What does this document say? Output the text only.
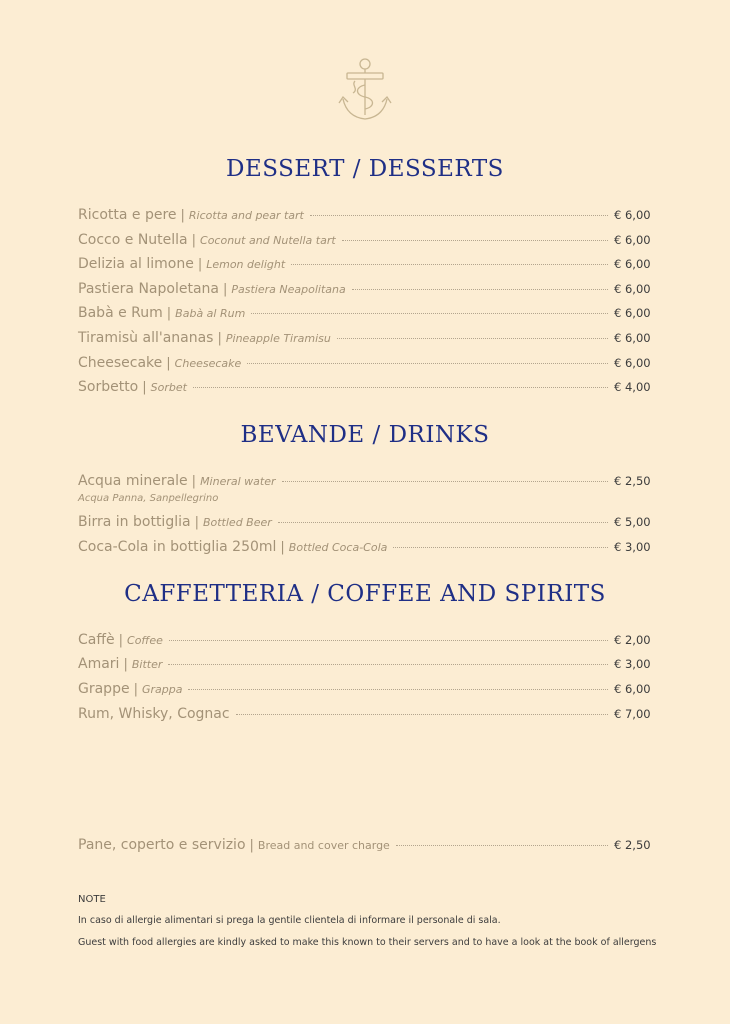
DESSERT / DESSERTS
Ricotta e pere | Ricotta and pear tart	€ 6,00
Cocco e Nutella | Coconut and Nutella tart	€ 6,00
Delizia al limone | Lemon delight	€ 6,00
Pastiera Napoletana | Pastiera Neapolitana	€ 6,00
Babà e Rum | Babà al Rum	€ 6,00
Tiramisù all'ananas | Pineapple Tiramisu	€ 6,00
Cheesecake | Cheesecake	€ 6,00
Sorbetto | Sorbet	€ 4,00
BEVANDE / DRINKS
Acqua minerale | Mineral water	€ 2,50
Acqua Panna, Sanpellegrino
Birra in bottiglia | Bottled Beer	€ 5,00
Coca-Cola in bottiglia 250ml | Bottled Coca-Cola	€ 3,00
CAFFETTERIA / COFFEE AND SPIRITS
Caffè | Coffee	€ 2,00
Amari | Bitter	€ 3,00
Grappe | Grappa	€ 6,00
Rum, Whisky, Cognac	€ 7,00
Pane, coperto e servizio | Bread and cover charge	€ 2,50
NOTE
In caso di allergie alimentari si prega la gentile clientela di informare il personale di sala.
Guest with food allergies are kindly asked to make this known to their servers and to have a look at the book of allergens
